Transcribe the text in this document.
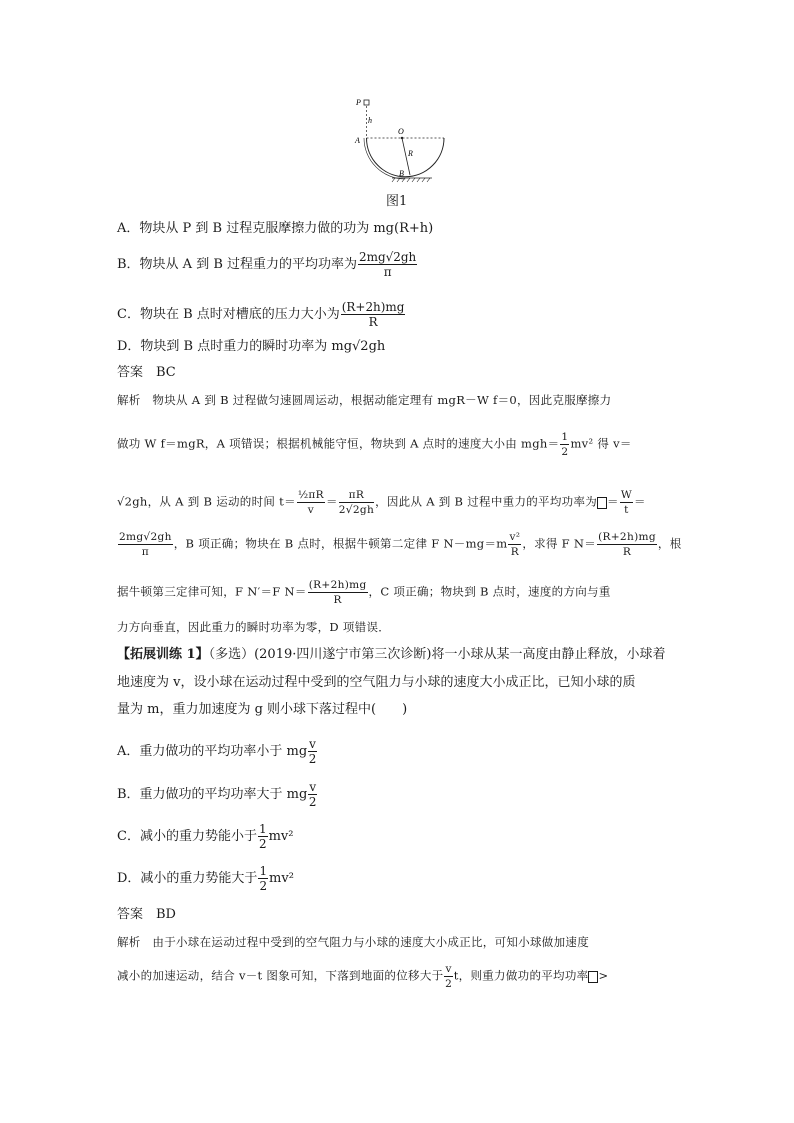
P
h
O
A
R
B
图1
A．物块从 P 到 B 过程克服摩擦力做的功为 mg(R+h)
B．物块从 A 到 B 过程重力的平均功率为 $\frac{2mg√2gh}{\pi}$
C．物块在 B 点时对槽底的压力大小为 $\frac{(R+2h)mg}{R}$
D．物块到 B 点时重力的瞬时功率为 mg√2gh
答案　BC
解析　物块从 A 到 B 过程做匀速圆周运动，根据动能定理有 mgR－W f＝0，因此克服摩擦力
做功 W f＝mgR，A 项错误；根据机械能守恒，物块到 A 点时的速度大小由 $mgh= \frac{1}{2} mv^2$ 得 v＝
√2gh，从 A 到 B 运动的时间 $t= \frac{\text{½πR}}{v} = \frac{\pi R}{2√2gh}$ ，因此从 A 到 B 过程中重力的平均功率为 ＝ $\frac{W}{t}$ ＝
$\frac{2mg√2gh}{\pi}$ ，B 项正确；物块在 B 点时，根据牛顿第二定律 F $N-mg=m \frac{\text{v²}}{R}$ ，求得 F $N= \frac{(R+2h)mg}{R}$ ，根
据牛顿第三定律可知，F N′＝F $N= \frac{(R+2h)mg}{R}$ ，C 项正确；物块到 B 点时，速度的方向与重
力方向垂直，因此重力的瞬时功率为零，D 项错误．
【拓展训练 1】（多选）(2019·四川遂宁市第三次诊断)将一小球从某一高度由静止释放，小球着
地速度为 v，设小球在运动过程中受到的空气阻力与小球的速度大小成正比，已知小球的质
量为 m，重力加速度为 g 则小球下落过程中(　　)
A．重力做功的平均功率小于 mg $\frac{v}{2}$
B．重力做功的平均功率大于 mg $\frac{v}{2}$
C．减小的重力势能小于 $\frac{1}{2} mv^2$
D．减小的重力势能大于 $\frac{1}{2} mv^2$
答案　BD
解析　由于小球在运动过程中受到的空气阻力与小球的速度大小成正比，可知小球做加速度
减小的加速运动，结合 v－t 图象可知，下落到地面的位移大于 $\frac{v}{2}$ t，则重力做功的平均功率 >
